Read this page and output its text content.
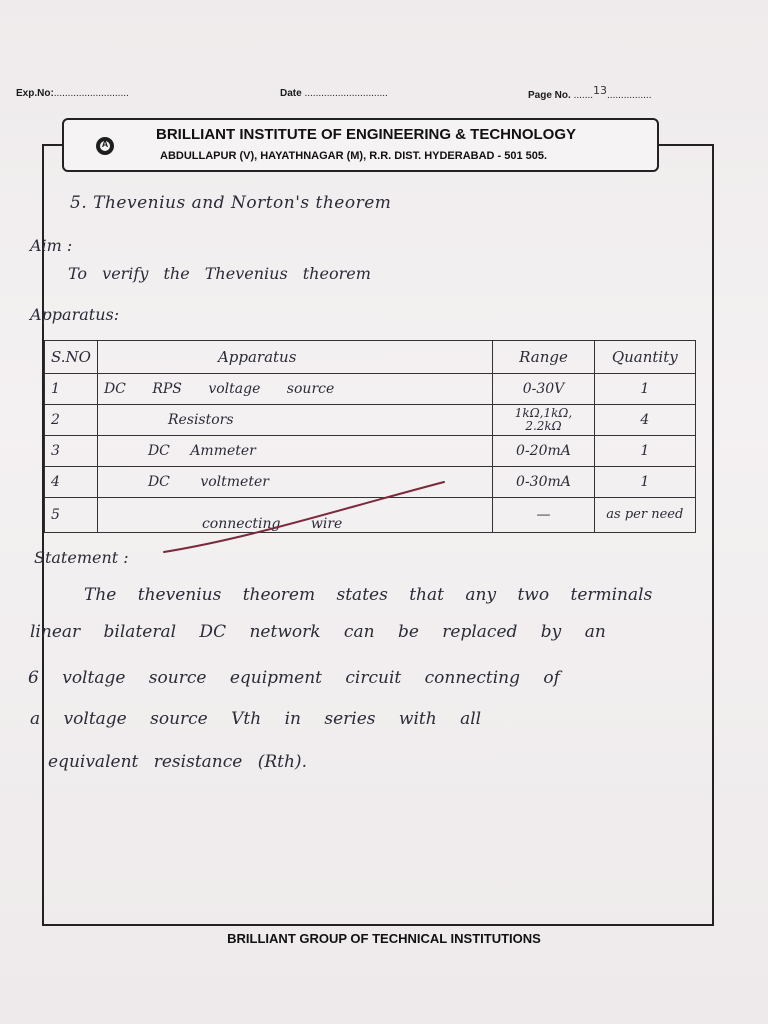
Exp.No:...........................	Date ..............................	Page No. .......13................
A
BRILLIANT INSTITUTE OF ENGINEERING & TECHNOLOGY
ABDULLAPUR (V), HAYATHNAGAR (M), R.R. DIST. HYDERABAD - 501 505.
5. Thevenius and Norton's theorem
Aim :
To verify the Thevenius theorem
Apparatus:
S.NO	Apparatus	Range	Quantity
1	DC RPS voltage source	0-30V	1
2	Resistors	1kΩ,1kΩ, 2.2kΩ	4
3	DC Ammeter	0-20mA	1
4	DC voltmeter	0-30mA	1
5	connecting wire	—	as per need
Statement :
The thevenius theorem states that any two terminals
linear bilateral DC network can be replaced by an
6 voltage source equipment circuit connecting of
a voltage source Vth in series with all
equivalent resistance (Rth).
BRILLIANT GROUP OF TECHNICAL INSTITUTIONS
